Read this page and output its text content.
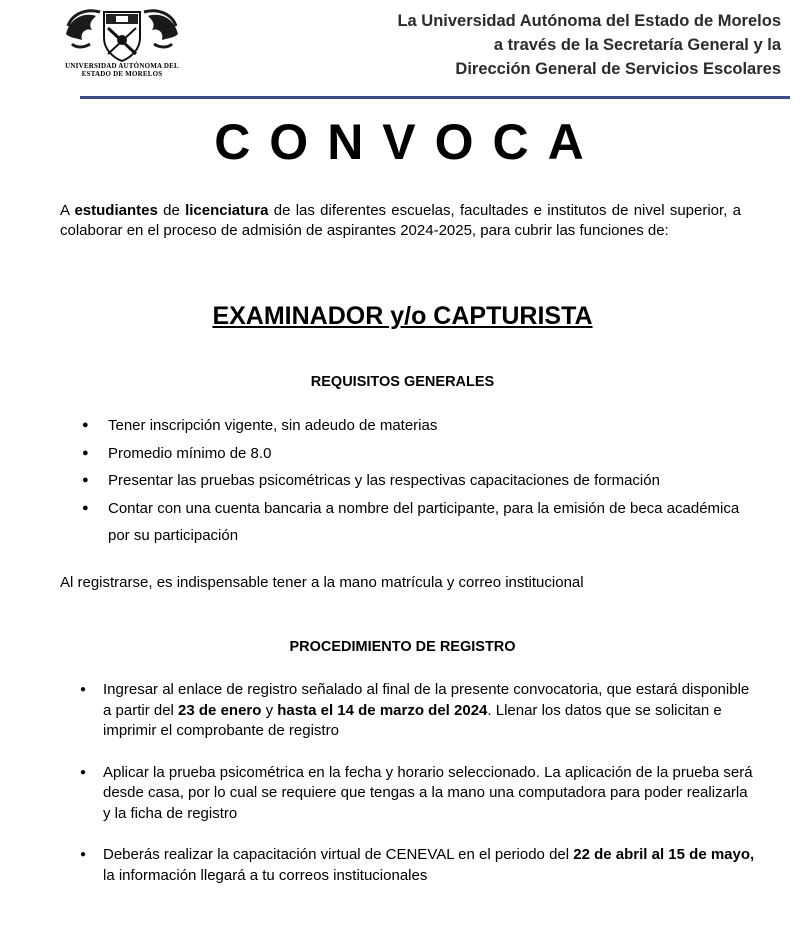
UNIVERSIDAD AUTÓNOMA DEL
ESTADO DE MORELOS
La Universidad Autónoma del Estado de Morelos
a través de la Secretaría General y la
Dirección General de Servicios Escolares
CONVOCA
A estudiantes de licenciatura de las diferentes escuelas, facultades e institutos de nivel superior, a colaborar en el proceso de admisión de aspirantes 2024-2025, para cubrir las funciones de:
EXAMINADOR y/o CAPTURISTA
REQUISITOS GENERALES
● Tener inscripción vigente, sin adeudo de materias
● Promedio mínimo de 8.0
● Presentar las pruebas psicométricas y las respectivas capacitaciones de formación
● Contar con una cuenta bancaria a nombre del participante, para la emisión de beca académica por su participación
Al registrarse, es indispensable tener a la mano matrícula y correo institucional
PROCEDIMIENTO DE REGISTRO
● Ingresar al enlace de registro señalado al final de la presente convocatoria, que estará disponible a partir del 23 de enero y hasta el 14 de marzo del 2024. Llenar los datos que se solicitan e imprimir el comprobante de registro
● Aplicar la prueba psicométrica en la fecha y horario seleccionado. La aplicación de la prueba será desde casa, por lo cual se requiere que tengas a la mano una computadora para poder realizarla y la ficha de registro
● Deberás realizar la capacitación virtual de CENEVAL en el periodo del 22 de abril al 15 de mayo, la información llegará a tu correos institucionales
